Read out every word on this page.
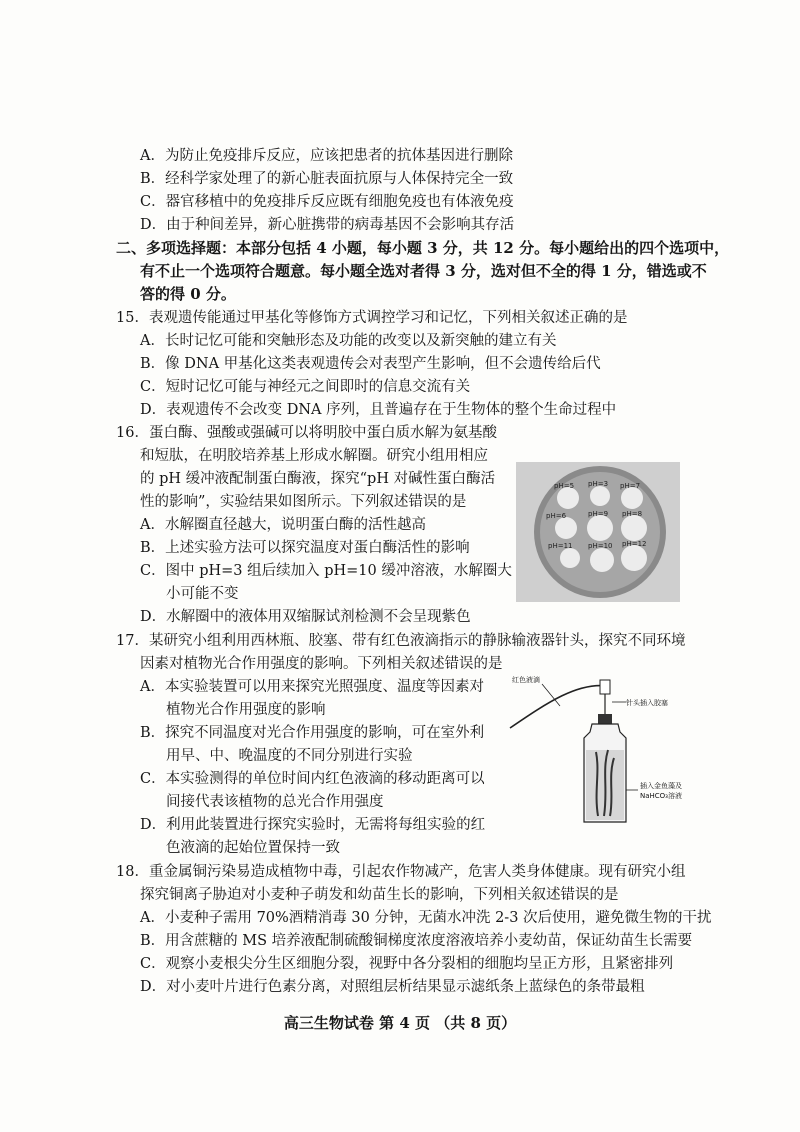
A．为防止免疫排斥反应，应该把患者的抗体基因进行删除
B．经科学家处理了的新心脏表面抗原与人体保持完全一致
C．器官移植中的免疫排斥反应既有细胞免疫也有体液免疫
D．由于种间差异，新心脏携带的病毒基因不会影响其存活
二、多项选择题：本部分包括 4 小题，每小题 3 分，共 12 分。每小题给出的四个选项中，
有不止一个选项符合题意。每小题全选对者得 3 分，选对但不全的得 1 分，错选或不
答的得 0 分。
15．表观遗传能通过甲基化等修饰方式调控学习和记忆，下列相关叙述正确的是
A．长时记忆可能和突触形态及功能的改变以及新突触的建立有关
B．像 DNA 甲基化这类表观遗传会对表型产生影响，但不会遗传给后代
C．短时记忆可能与神经元之间即时的信息交流有关
D．表观遗传不会改变 DNA 序列，且普遍存在于生物体的整个生命过程中
16．蛋白酶、强酸或强碱可以将明胶中蛋白质水解为氨基酸
和短肽，在明胶培养基上形成水解圈。研究小组用相应
的 pH 缓冲液配制蛋白酶液，探究“pH 对碱性蛋白酶活
性的影响”，实验结果如图所示。下列叙述错误的是
A．水解圈直径越大，说明蛋白酶的活性越高
B．上述实验方法可以探究温度对蛋白酶活性的影响
C．图中 pH=3 组后续加入 pH=10 缓冲溶液，水解圈大
小可能不变
D．水解圈中的液体用双缩脲试剂检测不会呈现紫色
pH=5 pH=3 pH=7
pH=6	pH=9 pH=8
pH=11 pH=10 pH=12
17．某研究小组利用西林瓶、胶塞、带有红色液滴指示的静脉输液器针头，探究不同环境
因素对植物光合作用强度的影响。下列相关叙述错误的是
A．本实验装置可以用来探究光照强度、温度等因素对
植物光合作用强度的影响
B．探究不同温度对光合作用强度的影响，可在室外利
用早、中、晚温度的不同分别进行实验
C．本实验测得的单位时间内红色液滴的移动距离可以
间接代表该植物的总光合作用强度
D．利用此装置进行探究实验时，无需将每组实验的红
色液滴的起始位置保持一致
红色液滴
针头插入胶塞
插入金鱼藻及
NaHCO₃溶液
18．重金属铜污染易造成植物中毒，引起农作物减产，危害人类身体健康。现有研究小组
探究铜离子胁迫对小麦种子萌发和幼苗生长的影响，下列相关叙述错误的是
A．小麦种子需用 70%酒精消毒 30 分钟，无菌水冲洗 2-3 次后使用，避免微生物的干扰
B．用含蔗糖的 MS 培养液配制硫酸铜梯度浓度溶液培养小麦幼苗，保证幼苗生长需要
C．观察小麦根尖分生区细胞分裂，视野中各分裂相的细胞均呈正方形，且紧密排列
D．对小麦叶片进行色素分离，对照组层析结果显示滤纸条上蓝绿色的条带最粗
高三生物试卷 第 4 页 （共 8 页）
